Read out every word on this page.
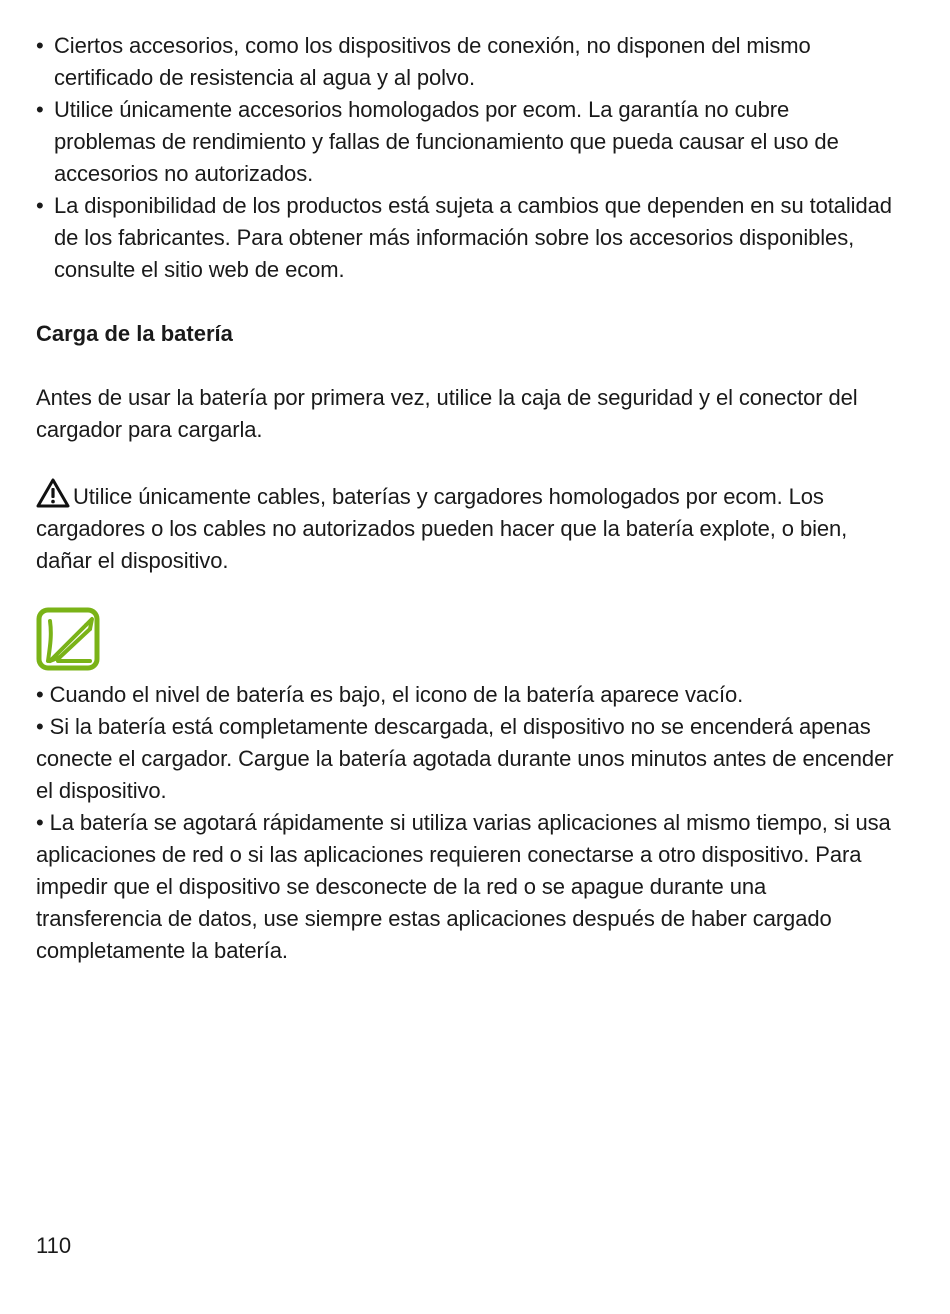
• Ciertos accesorios, como los dispositivos de conexión, no disponen del mismo certificado de resistencia al agua y al polvo.
• Utilice únicamente accesorios homologados por ecom. La garantía no cubre problemas de rendimiento y fallas de funcionamiento que pueda causar el uso de accesorios no autorizados.
• La disponibilidad de los productos está sujeta a cambios que dependen en su totalidad de los fabricantes. Para obtener más información sobre los accesorios disponibles, consulte el sitio web de ecom.
Carga de la batería
Antes de usar la batería por primera vez, utilice la caja de seguridad y el conector del cargador para cargarla.
Utilice únicamente cables, baterías y cargadores homologados por ecom. Los cargadores o los cables no autorizados pueden hacer que la batería explote, o bien, dañar el dispositivo.

• Cuando el nivel de batería es bajo, el icono de la batería aparece vacío.

• Si la batería está completamente descargada, el dispositivo no se encenderá apenas conecte el cargador. Cargue la batería agotada durante unos minutos antes de encender el dispositivo.

• La batería se agotará rápidamente si utiliza varias aplicaciones al mismo tiempo, si usa aplicaciones de red o si las aplicaciones requieren conectarse a otro dispositivo. Para impedir que el dispositivo se desconecte de la red o se apague durante una transferencia de datos, use siempre estas aplicaciones después de haber cargado completamente la batería.

110
